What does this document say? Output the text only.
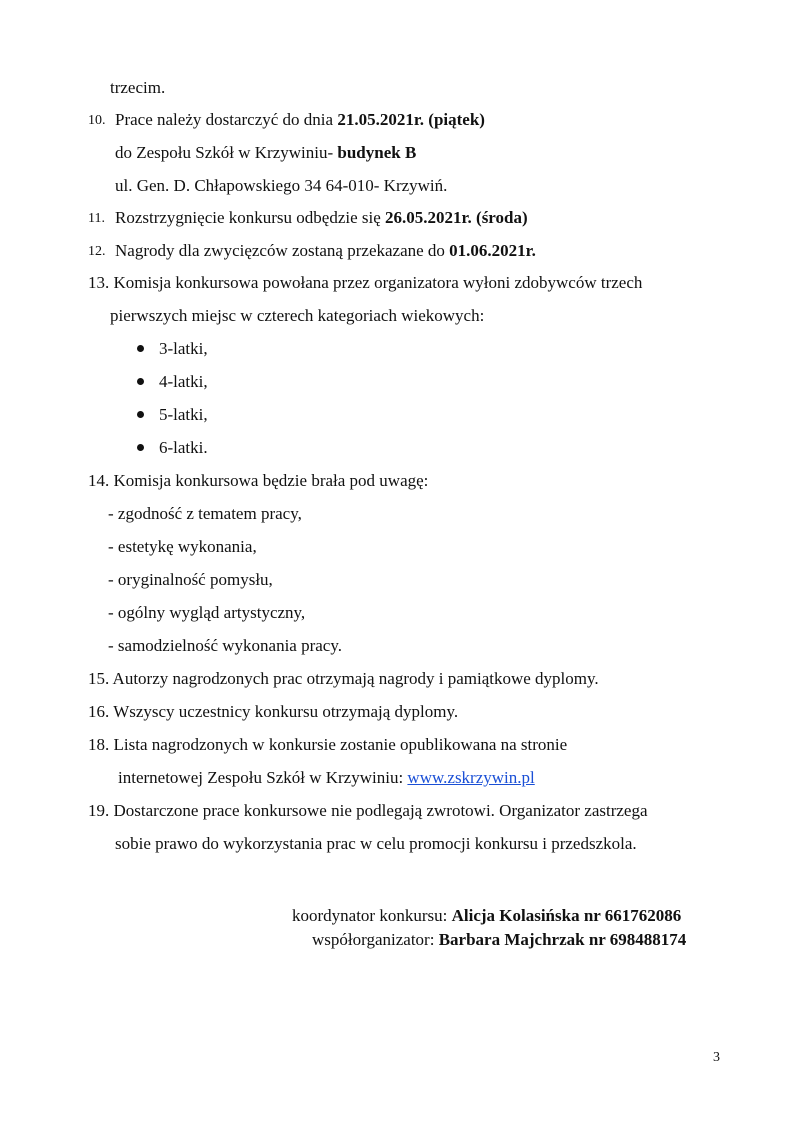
trzecim.
10. Prace należy dostarczyć do dnia 21.05.2021r. (piątek)
do Zespołu Szkół w Krzywiniu- budynek B
ul. Gen. D. Chłapowskiego 34 64-010- Krzywiń.
11. Rozstrzygnięcie konkursu odbędzie się 26.05.2021r. (środa)
12. Nagrody dla zwycięzców zostaną przekazane do 01.06.2021r.
13. Komisja konkursowa powołana przez organizatora wyłoni zdobywców trzech
pierwszych miejsc w czterech kategoriach wiekowych:
3-latki,
4-latki,
5-latki,
6-latki.
14. Komisja konkursowa będzie brała pod uwagę:
- zgodność z tematem pracy,
- estetykę wykonania,
- oryginalność pomysłu,
- ogólny wygląd artystyczny,
- samodzielność wykonania pracy.
15. Autorzy nagrodzonych prac otrzymają nagrody i pamiątkowe dyplomy.
16. Wszyscy uczestnicy konkursu otrzymają dyplomy.
18. Lista nagrodzonych w konkursie zostanie opublikowana na stronie
internetowej Zespołu Szkół w Krzywiniu: www.zskrzywin.pl
19. Dostarczone prace konkursowe nie podlegają zwrotowi. Organizator zastrzega
sobie prawo do wykorzystania prac w celu promocji konkursu i przedszkola.
koordynator konkursu: Alicja Kolasińska nr 661762086
współorganizator: Barbara Majchrzak nr 698488174
3
